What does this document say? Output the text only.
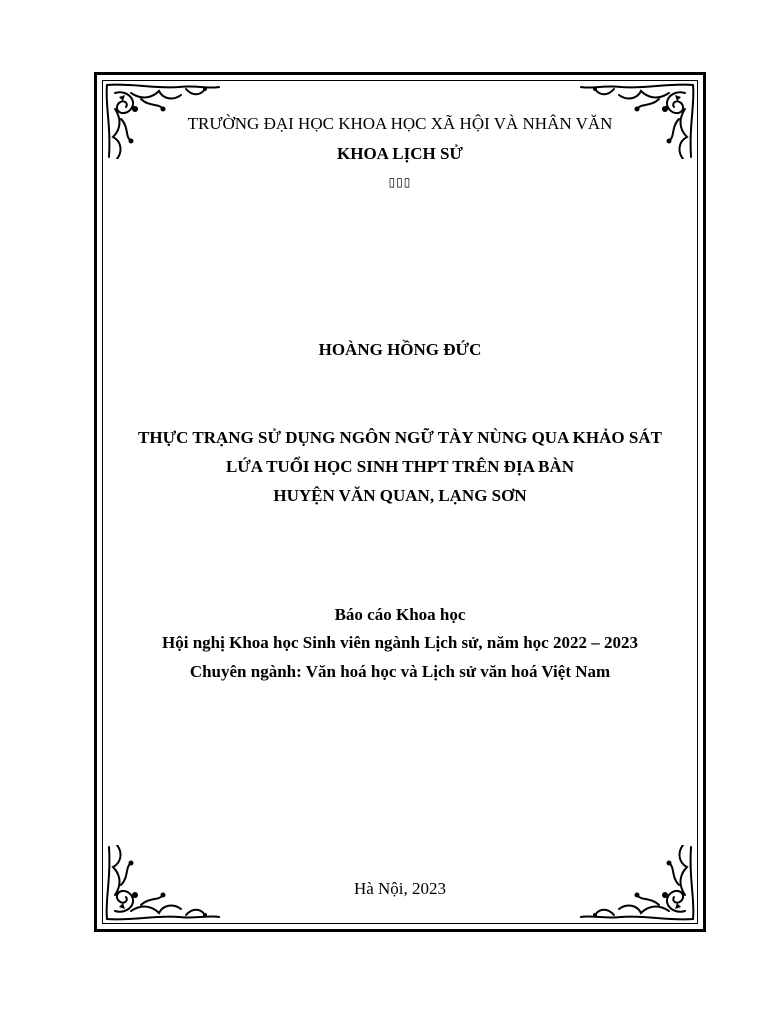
TRƯỜNG ĐẠI HỌC KHOA HỌC XÃ HỘI VÀ NHÂN VĂN
KHOA LỊCH SỬ
▯▯▯
HOÀNG HỒNG ĐỨC
THỰC TRẠNG SỬ DỤNG NGÔN NGỮ TÀY NÙNG QUA KHẢO SÁT
LỨA TUỔI HỌC SINH THPT TRÊN ĐỊA BÀN
HUYỆN VĂN QUAN, LẠNG SƠN
Báo cáo Khoa học
Hội nghị Khoa học Sinh viên ngành Lịch sử, năm học 2022 – 2023
Chuyên ngành: Văn hoá học và Lịch sử văn hoá Việt Nam
Hà Nội, 2023
